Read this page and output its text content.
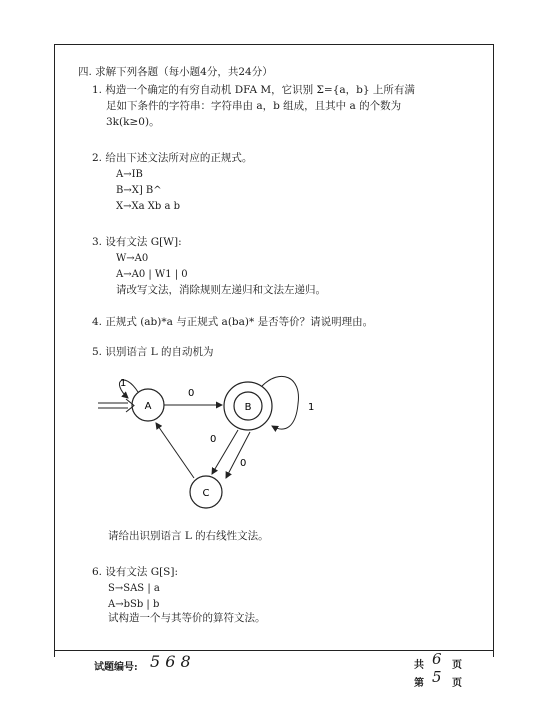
四. 求解下列各题（每小题4分，共24分）
1. 构造一个确定的有穷自动机 DFA M，它识别 Σ={a，b} 上所有满
足如下条件的字符串：字符串由 a，b 组成，且其中 a 的个数为
3k(k≥0)。
2. 给出下述文法所对应的正规式。
A→IB
B→X] B^
X→Xa Xb a b
3. 设有文法 G[W]:
W→A0
A→A0 | W1 | 0
请改写文法，消除规则左递归和文法左递归。
4. 正规式 (ab)*a 与正规式 a(ba)* 是否等价？请说明理由。
5. 识别语言 L 的自动机为
A
1
0
B	1
0
0
C
请给出识别语言 L 的右线性文法。
6. 设有文法 G[S]:
S→SAS | a
A→bSb | b
试构造一个与其等价的算符文法。
试题编号: 5 6 8	共 6 页
第 5 页
